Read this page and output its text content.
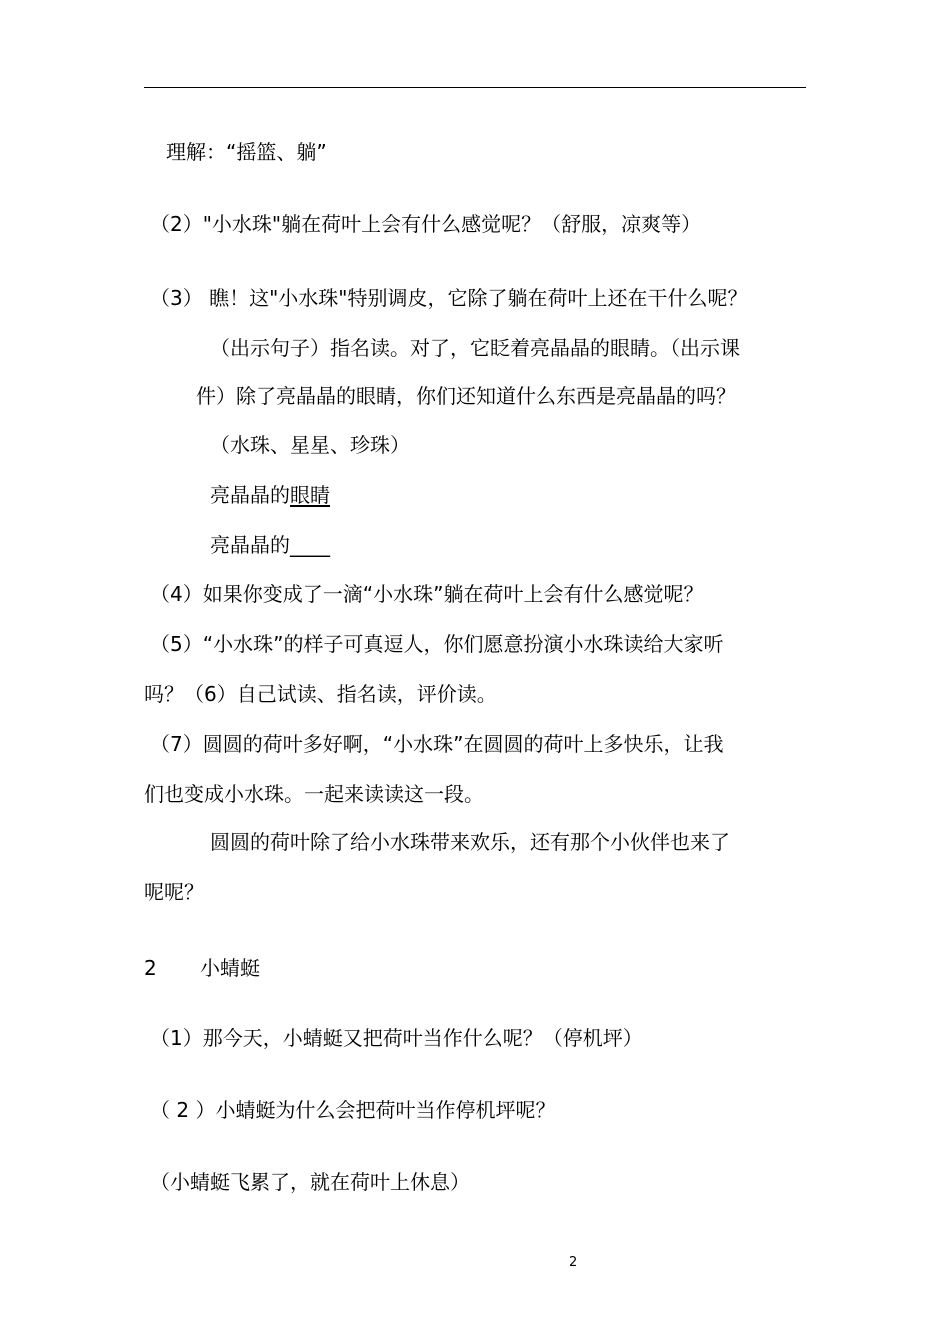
理解：“摇篮、躺”
（2）"小水珠"躺在荷叶上会有什么感觉呢？（舒服，凉爽等）
（3） 瞧！这"小水珠"特别调皮，它除了躺在荷叶上还在干什么呢？
（出示句子）指名读。对了，它眨着亮晶晶的眼睛。（出示课
件）除了亮晶晶的眼睛，你们还知道什么东西是亮晶晶的吗？
（水珠、星星、珍珠）
亮晶晶的眼睛
亮晶晶的____
（4）如果你变成了一滴“小水珠”躺在荷叶上会有什么感觉呢？
（5）“小水珠”的样子可真逗人，你们愿意扮演小水珠读给大家听
吗？（6）自己试读、指名读，评价读。
（7）圆圆的荷叶多好啊，“小水珠”在圆圆的荷叶上多快乐，让我
们也变成小水珠。一起来读读这一段。
圆圆的荷叶除了给小水珠带来欢乐，还有那个小伙伴也来了
呢呢？
2 小蜻蜓
（1）那今天，小蜻蜓又把荷叶当作什么呢？（停机坪）
（ 2 ）小蜻蜓为什么会把荷叶当作停机坪呢？
（小蜻蜓飞累了，就在荷叶上休息）
2
